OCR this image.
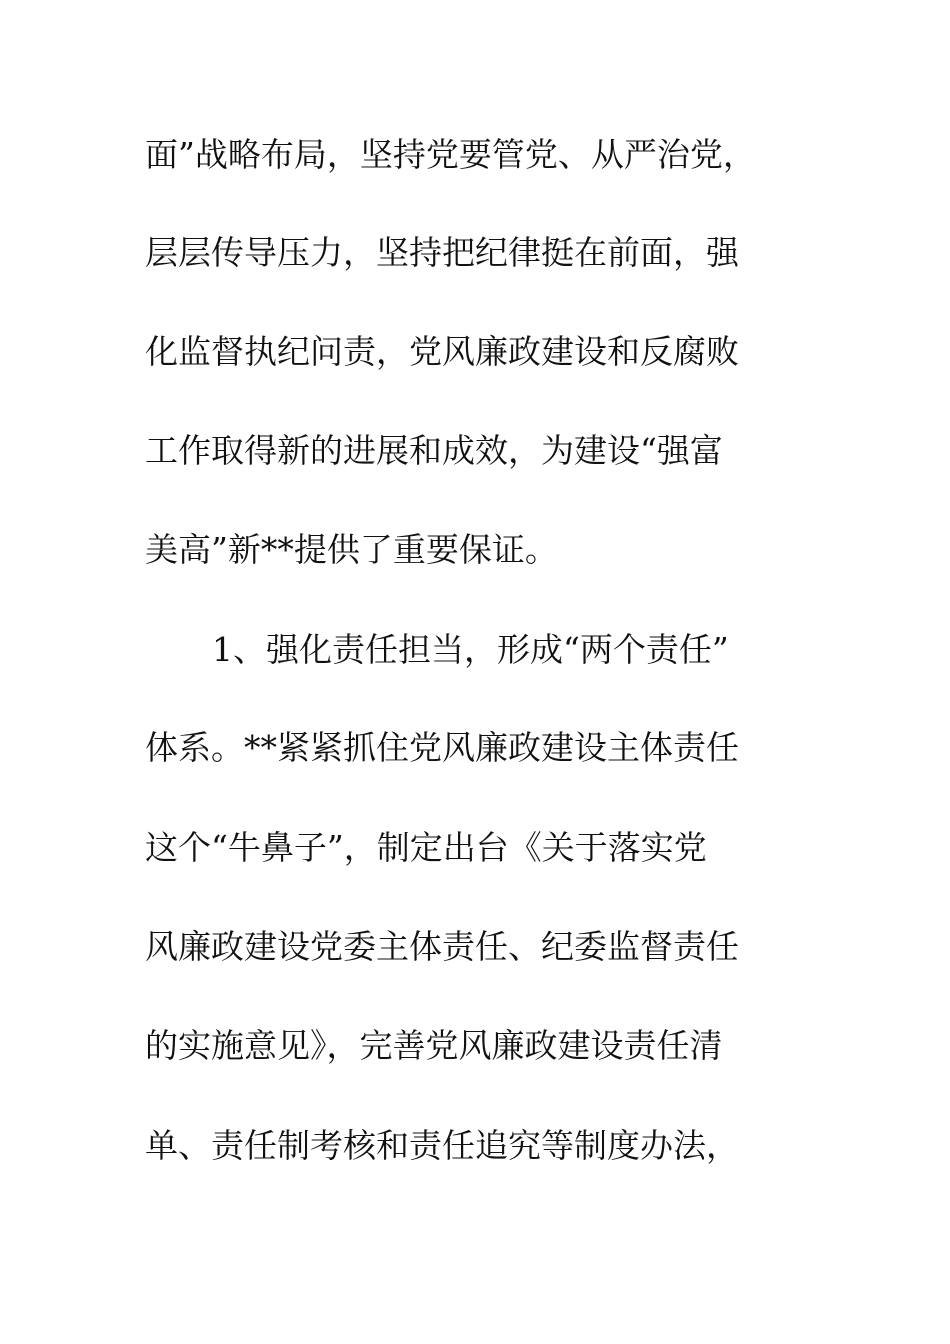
面”战略布局，坚持党要管党、从严治党，
层层传导压力，坚持把纪律挺在前面，强
化监督执纪问责，党风廉政建设和反腐败
工作取得新的进展和成效，为建设“强富
美高”新**提供了重要保证。
1、强化责任担当，形成“两个责任”
体系。**紧紧抓住党风廉政建设主体责任
这个“牛鼻子”，制定出台《关于落实党
风廉政建设党委主体责任、纪委监督责任
的实施意见》，完善党风廉政建设责任清
单、责任制考核和责任追究等制度办法，
